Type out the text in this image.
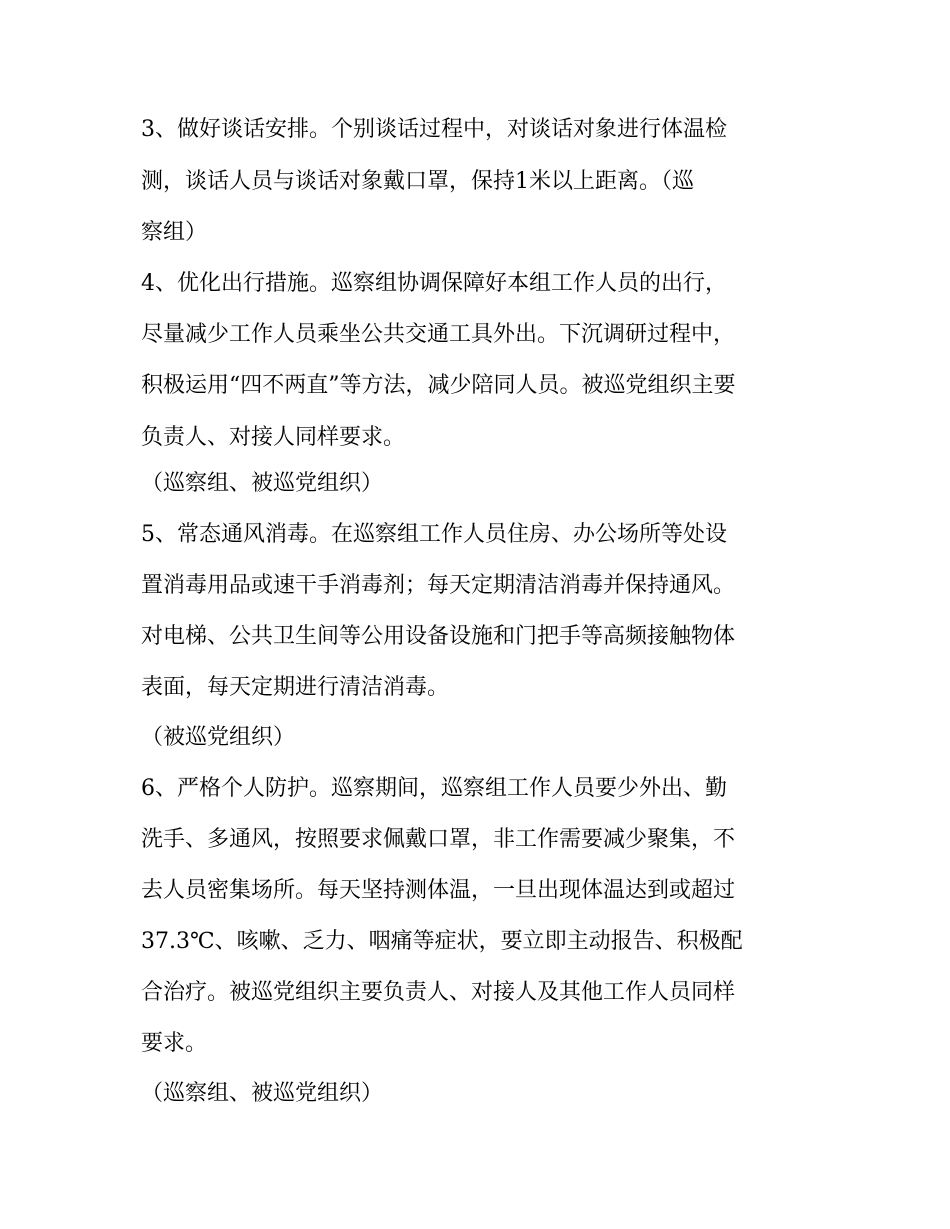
3、做好谈话安排。个别谈话过程中，对谈话对象进行体温检
测，谈话人员与谈话对象戴口罩，保持1米以上距离。（巡
察组）
4、优化出行措施。巡察组协调保障好本组工作人员的出行，
尽量减少工作人员乘坐公共交通工具外出。下沉调研过程中，
积极运用“四不两直”等方法，减少陪同人员。被巡党组织主要
负责人、对接人同样要求。
（巡察组、被巡党组织）
5、常态通风消毒。在巡察组工作人员住房、办公场所等处设
置消毒用品或速干手消毒剂；每天定期清洁消毒并保持通风。
对电梯、公共卫生间等公用设备设施和门把手等高频接触物体
表面，每天定期进行清洁消毒。
（被巡党组织）
6、严格个人防护。巡察期间，巡察组工作人员要少外出、勤
洗手、多通风，按照要求佩戴口罩，非工作需要减少聚集，不
去人员密集场所。每天坚持测体温，一旦出现体温达到或超过
37.3℃、咳嗽、乏力、咽痛等症状，要立即主动报告、积极配
合治疗。被巡党组织主要负责人、对接人及其他工作人员同样
要求。
（巡察组、被巡党组织）
